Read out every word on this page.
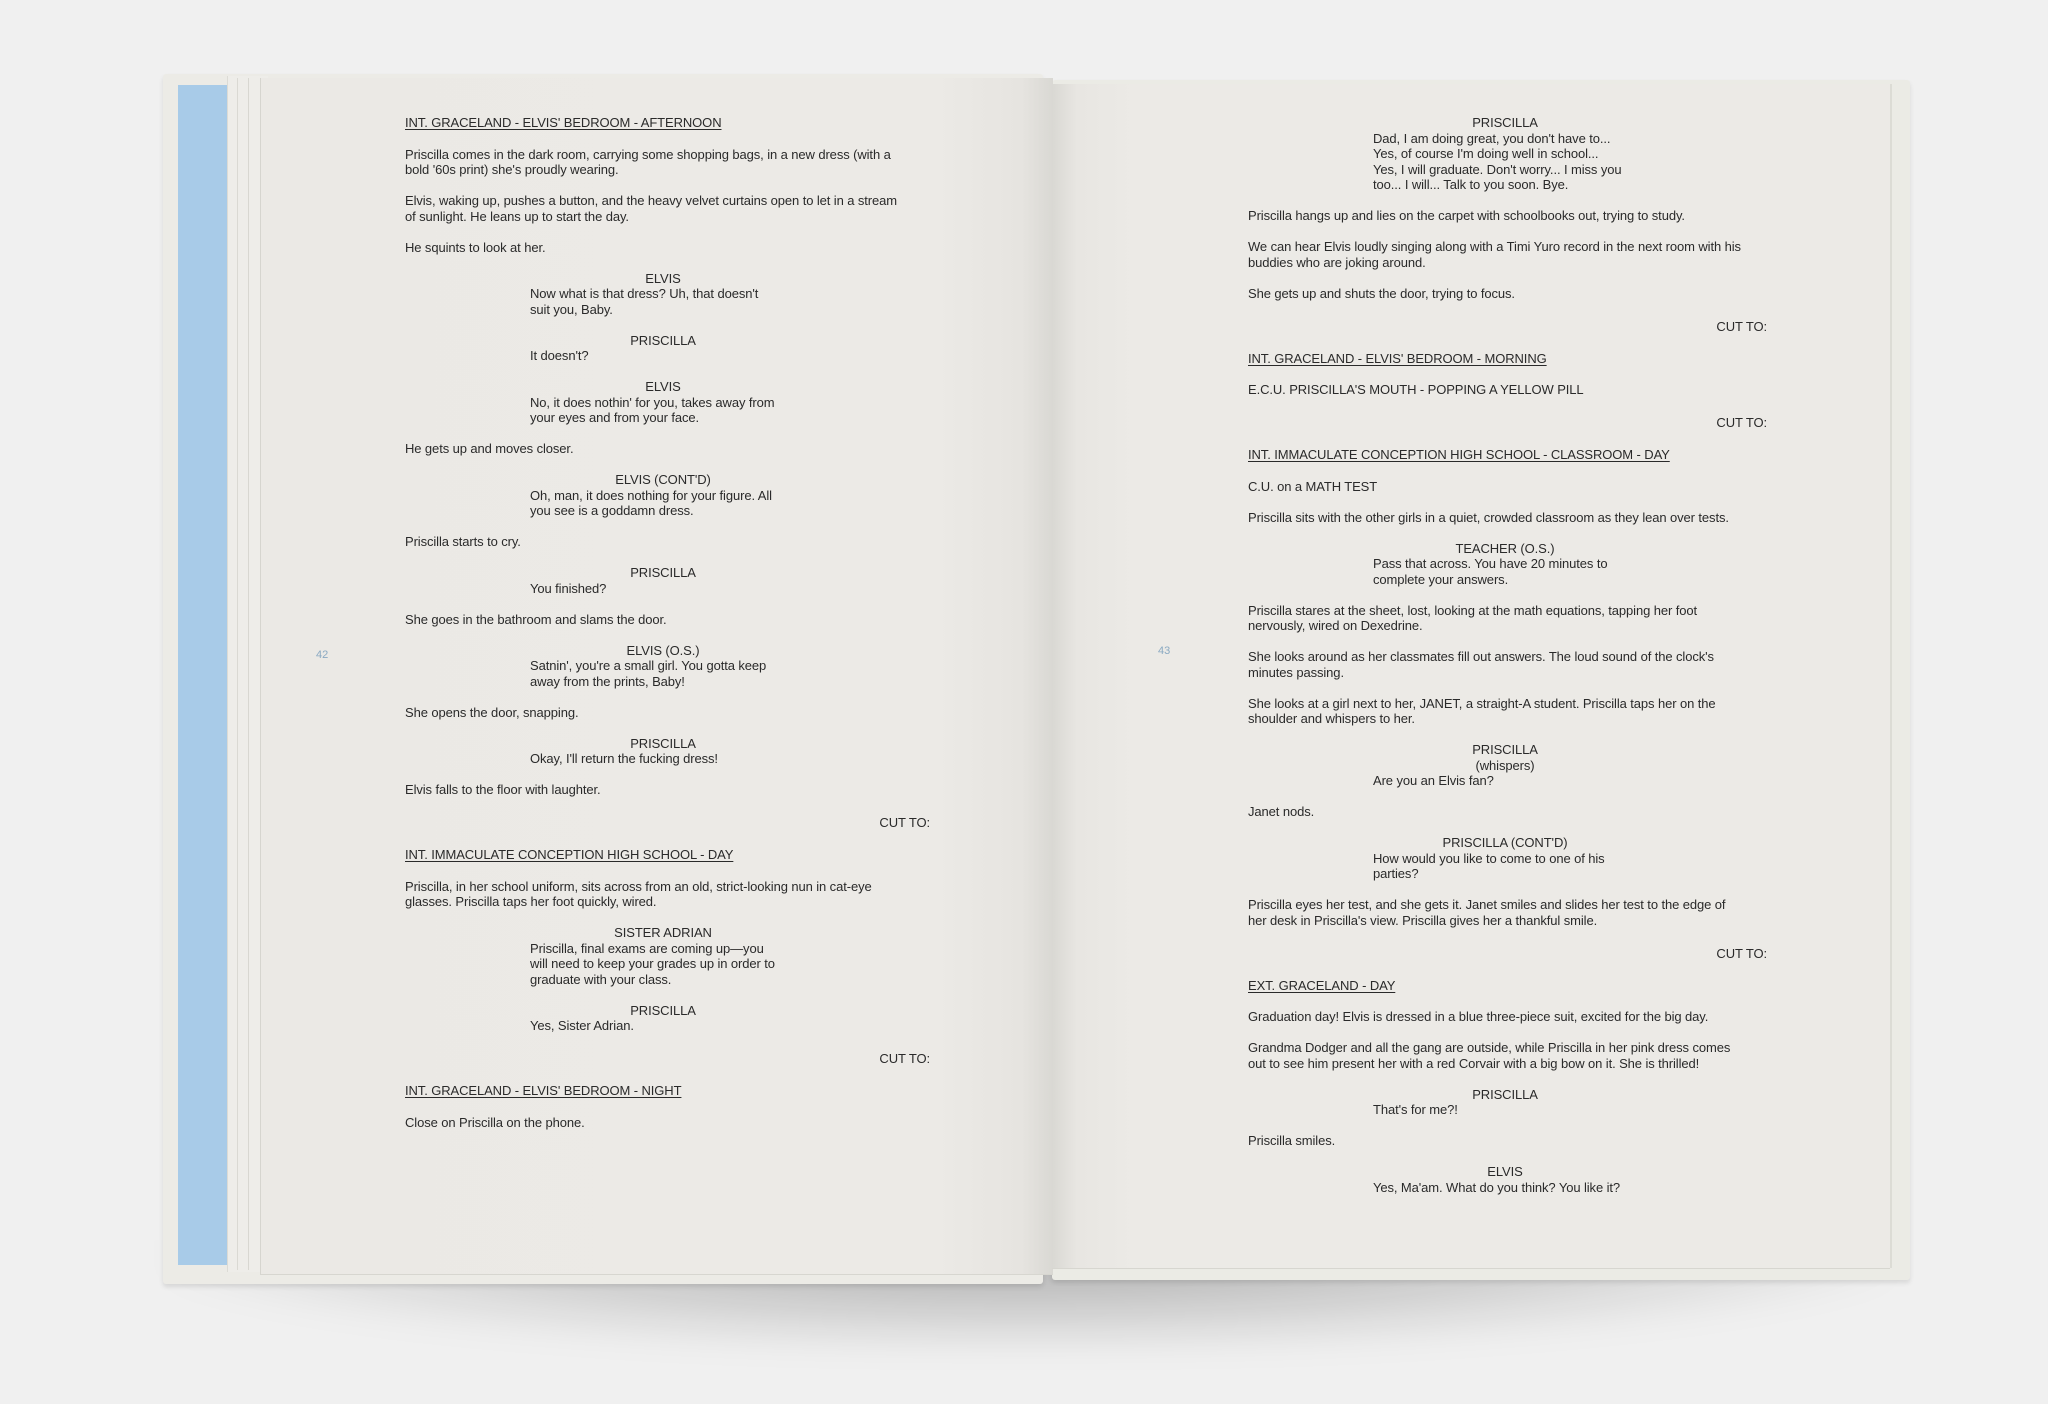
42	43
INT. GRACELAND - ELVIS' BEDROOM - AFTERNOON
Priscilla comes in the dark room, carrying some shopping bags, in a new dress (with a
bold '60s print) she's proudly wearing.
Elvis, waking up, pushes a button, and the heavy velvet curtains open to let in a stream
of sunlight. He leans up to start the day.
He squints to look at her.
ELVIS
Now what is that dress? Uh, that doesn't
suit you, Baby.
PRISCILLA
It doesn't?
ELVIS
No, it does nothin' for you, takes away from
your eyes and from your face.
He gets up and moves closer.
ELVIS (CONT'D)
Oh, man, it does nothing for your figure. All
you see is a goddamn dress.
Priscilla starts to cry.
PRISCILLA
You finished?
She goes in the bathroom and slams the door.
ELVIS (O.S.)
Satnin', you're a small girl. You gotta keep
away from the prints, Baby!
She opens the door, snapping.
PRISCILLA
Okay, I'll return the fucking dress!
Elvis falls to the floor with laughter.
CUT TO:
INT. IMMACULATE CONCEPTION HIGH SCHOOL - DAY
Priscilla, in her school uniform, sits across from an old, strict-looking nun in cat-eye
glasses. Priscilla taps her foot quickly, wired.
SISTER ADRIAN
Priscilla, final exams are coming up—you
will need to keep your grades up in order to
graduate with your class.
PRISCILLA
Yes, Sister Adrian.
CUT TO:
INT. GRACELAND - ELVIS' BEDROOM - NIGHT
Close on Priscilla on the phone.
PRISCILLA
Dad, I am doing great, you don't have to...
Yes, of course I'm doing well in school...
Yes, I will graduate. Don't worry... I miss you
too... I will... Talk to you soon. Bye.
Priscilla hangs up and lies on the carpet with schoolbooks out, trying to study.
We can hear Elvis loudly singing along with a Timi Yuro record in the next room with his
buddies who are joking around.
She gets up and shuts the door, trying to focus.
CUT TO:
INT. GRACELAND - ELVIS' BEDROOM - MORNING
E.C.U. PRISCILLA'S MOUTH - POPPING A YELLOW PILL
CUT TO:
INT. IMMACULATE CONCEPTION HIGH SCHOOL - CLASSROOM - DAY
C.U. on a MATH TEST
Priscilla sits with the other girls in a quiet, crowded classroom as they lean over tests.
TEACHER (O.S.)
Pass that across. You have 20 minutes to
complete your answers.
Priscilla stares at the sheet, lost, looking at the math equations, tapping her foot
nervously, wired on Dexedrine.
She looks around as her classmates fill out answers. The loud sound of the clock's
minutes passing.
She looks at a girl next to her, JANET, a straight-A student. Priscilla taps her on the
shoulder and whispers to her.
PRISCILLA
(whispers)
Are you an Elvis fan?
Janet nods.
PRISCILLA (CONT'D)
How would you like to come to one of his
parties?
Priscilla eyes her test, and she gets it. Janet smiles and slides her test to the edge of
her desk in Priscilla's view. Priscilla gives her a thankful smile.
CUT TO:
EXT. GRACELAND - DAY
Graduation day! Elvis is dressed in a blue three-piece suit, excited for the big day.
Grandma Dodger and all the gang are outside, while Priscilla in her pink dress comes
out to see him present her with a red Corvair with a big bow on it. She is thrilled!
PRISCILLA
That's for me?!
Priscilla smiles.
ELVIS
Yes, Ma'am. What do you think? You like it?
